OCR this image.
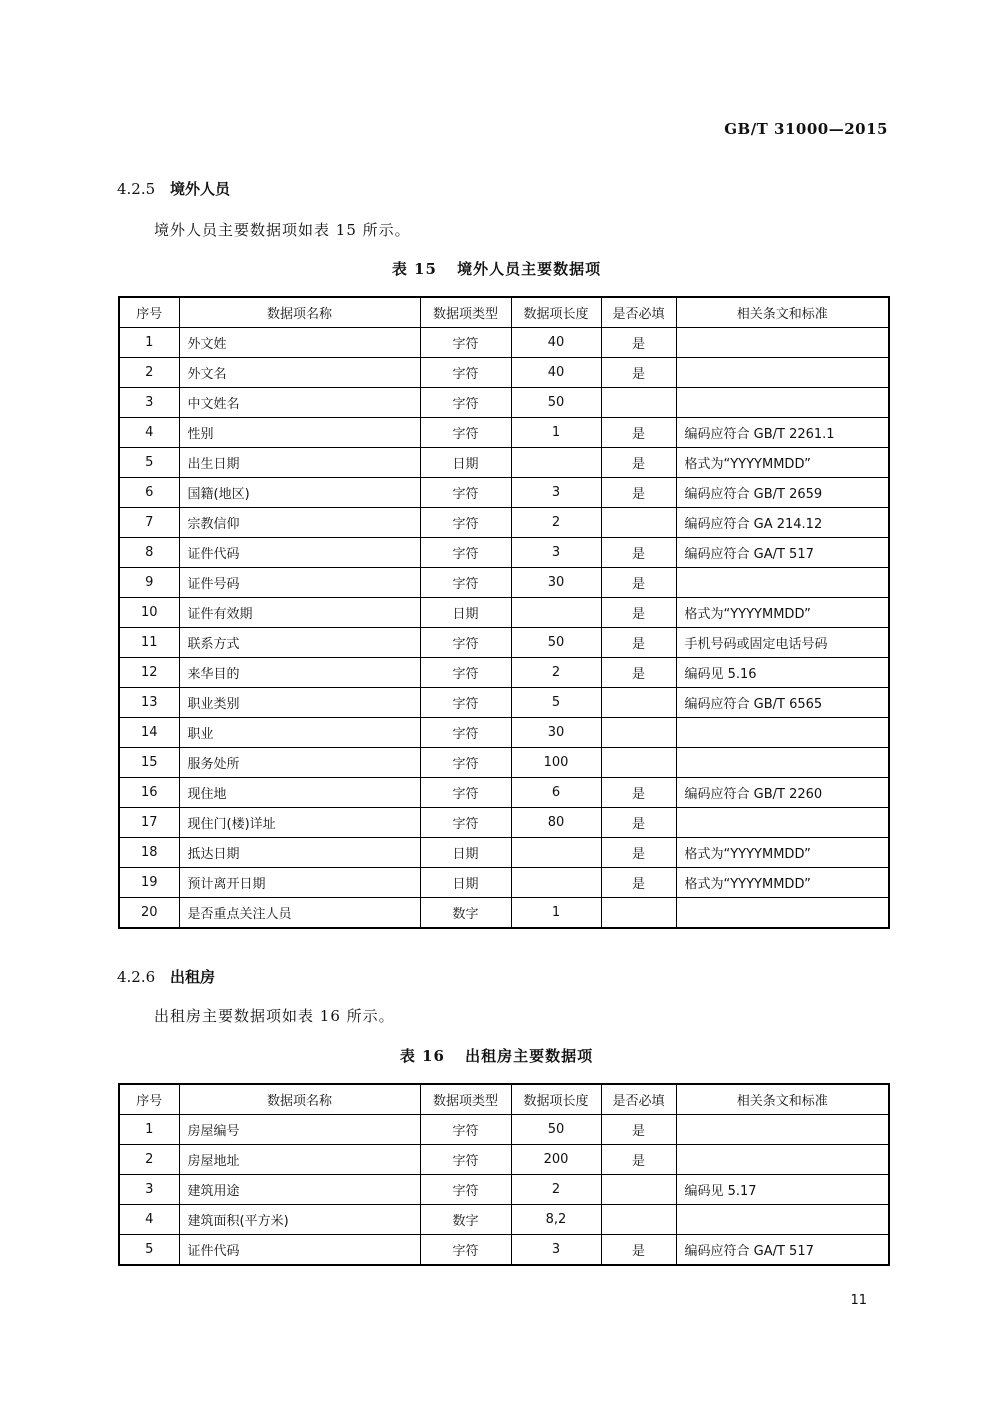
GB/T 31000—2015
4.2.5 境外人员
境外人员主要数据项如表 15 所示。
表 15 境外人员主要数据项
序号	数据项名称	数据项类型	数据项长度	是否必填	相关条文和标准
1	外文姓	字符	40	是	
2	外文名	字符	40	是	
3	中文姓名	字符	50		
4	性别	字符	1	是	编码应符合 GB/T 2261.1
5	出生日期	日期		是	格式为“YYYYMMDD”
6	国籍(地区)	字符	3	是	编码应符合 GB/T 2659
7	宗教信仰	字符	2		编码应符合 GA 214.12
8	证件代码	字符	3	是	编码应符合 GA/T 517
9	证件号码	字符	30	是	
10	证件有效期	日期		是	格式为“YYYYMMDD”
11	联系方式	字符	50	是	手机号码或固定电话号码
12	来华目的	字符	2	是	编码见 5.16
13	职业类别	字符	5		编码应符合 GB/T 6565
14	职业	字符	30		
15	服务处所	字符	100		
16	现住地	字符	6	是	编码应符合 GB/T 2260
17	现住门(楼)详址	字符	80	是	
18	抵达日期	日期		是	格式为“YYYYMMDD”
19	预计离开日期	日期		是	格式为“YYYYMMDD”
20	是否重点关注人员	数字	1		
4.2.6 出租房
出租房主要数据项如表 16 所示。
表 16 出租房主要数据项
序号	数据项名称	数据项类型	数据项长度	是否必填	相关条文和标准
1	房屋编号	字符	50	是	
2	房屋地址	字符	200	是	
3	建筑用途	字符	2		编码见 5.17
4	建筑面积(平方米)	数字	8,2		
5	证件代码	字符	3	是	编码应符合 GA/T 517
11
